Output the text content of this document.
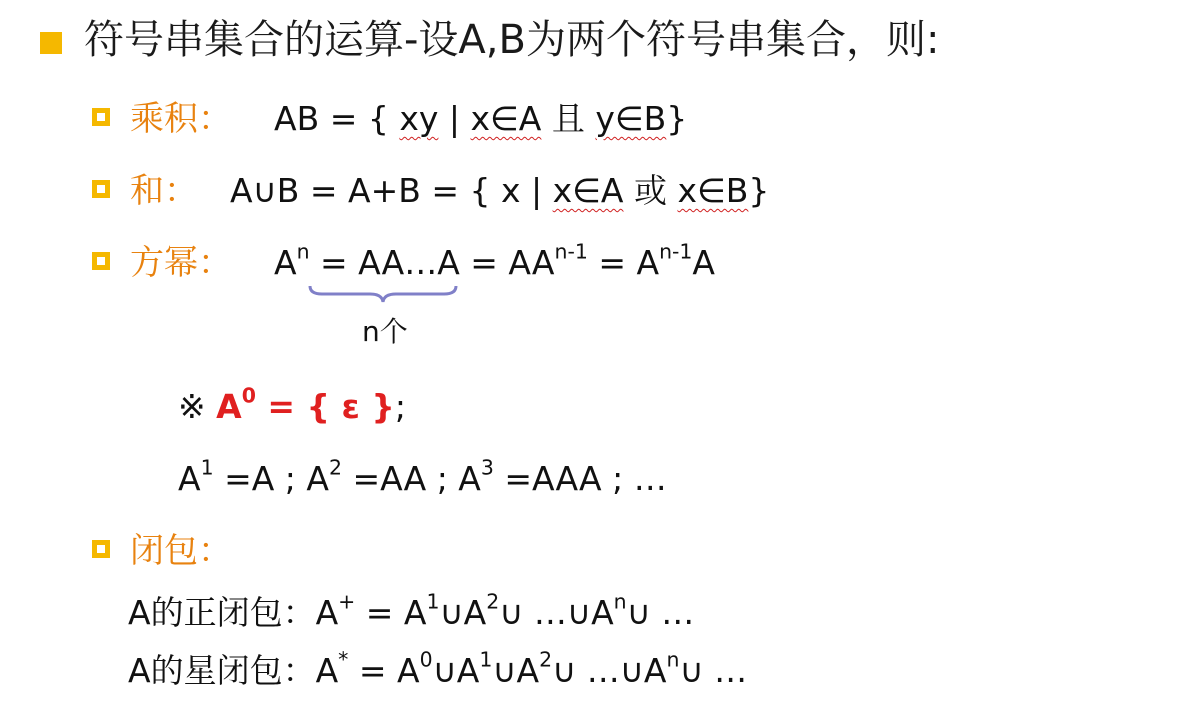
符号串集合的运算-设A,B为两个符号串集合，则:
乘积： AB = { xy | x∈A 且 y∈B}
和： A∪B = A+B = { x | x∈A 或 x∈B}
方幂： $A^n$ = AA…A = $AA^{n-1} = A^{n-1}A$
n个
※ $A^0$ = { ε };
$A^1 =A$ ; $A^2 =AA$ ; $A^3 =AAA$ ; …
闭包：
A的正闭包：$A^+ = A^1\cup A^2\cup$ $\dots\cup A^n\cup$ …
A的星闭包：$A^* = A^0\cup A^1\cup A^2\cup$ $\dots\cup A^n\cup$ …
